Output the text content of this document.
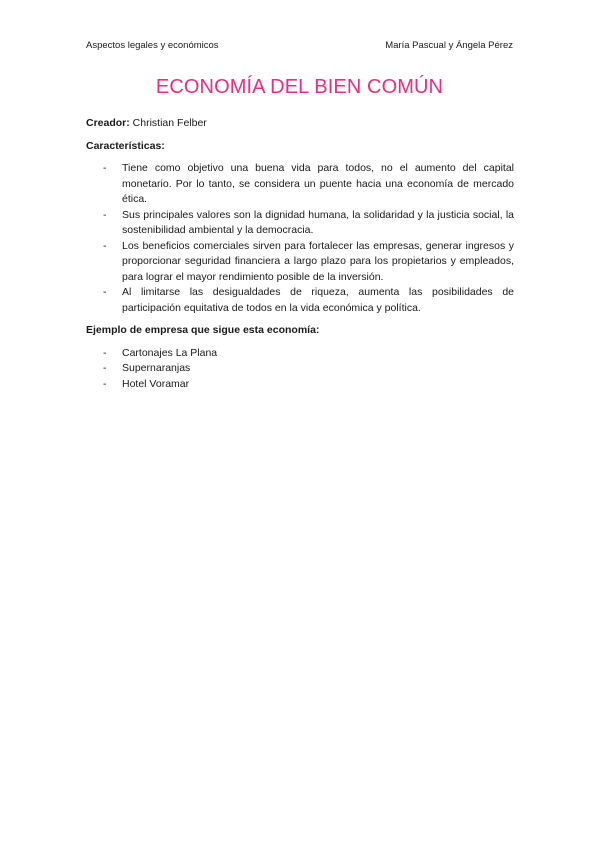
Aspectos legales y económicos	María Pascual y Ángela Pérez
ECONOMÍA DEL BIEN COMÚN

Creador: Christian Felber

Características:

- Tiene como objetivo una buena vida para todos, no el aumento del capital monetario. Por lo tanto, se considera un puente hacia una economía de mercado ética.
- Sus principales valores son la dignidad humana, la solidaridad y la justicia social, la sostenibilidad ambiental y la democracia.
- Los beneficios comerciales sirven para fortalecer las empresas, generar ingresos y proporcionar seguridad financiera a largo plazo para los propietarios y empleados, para lograr el mayor rendimiento posible de la inversión.
- Al limitarse las desigualdades de riqueza, aumenta las posibilidades de participación equitativa de todos en la vida económica y política.

Ejemplo de empresa que sigue esta economía:

- Cartonajes La Plana
- Supernaranjas
- Hotel Voramar
